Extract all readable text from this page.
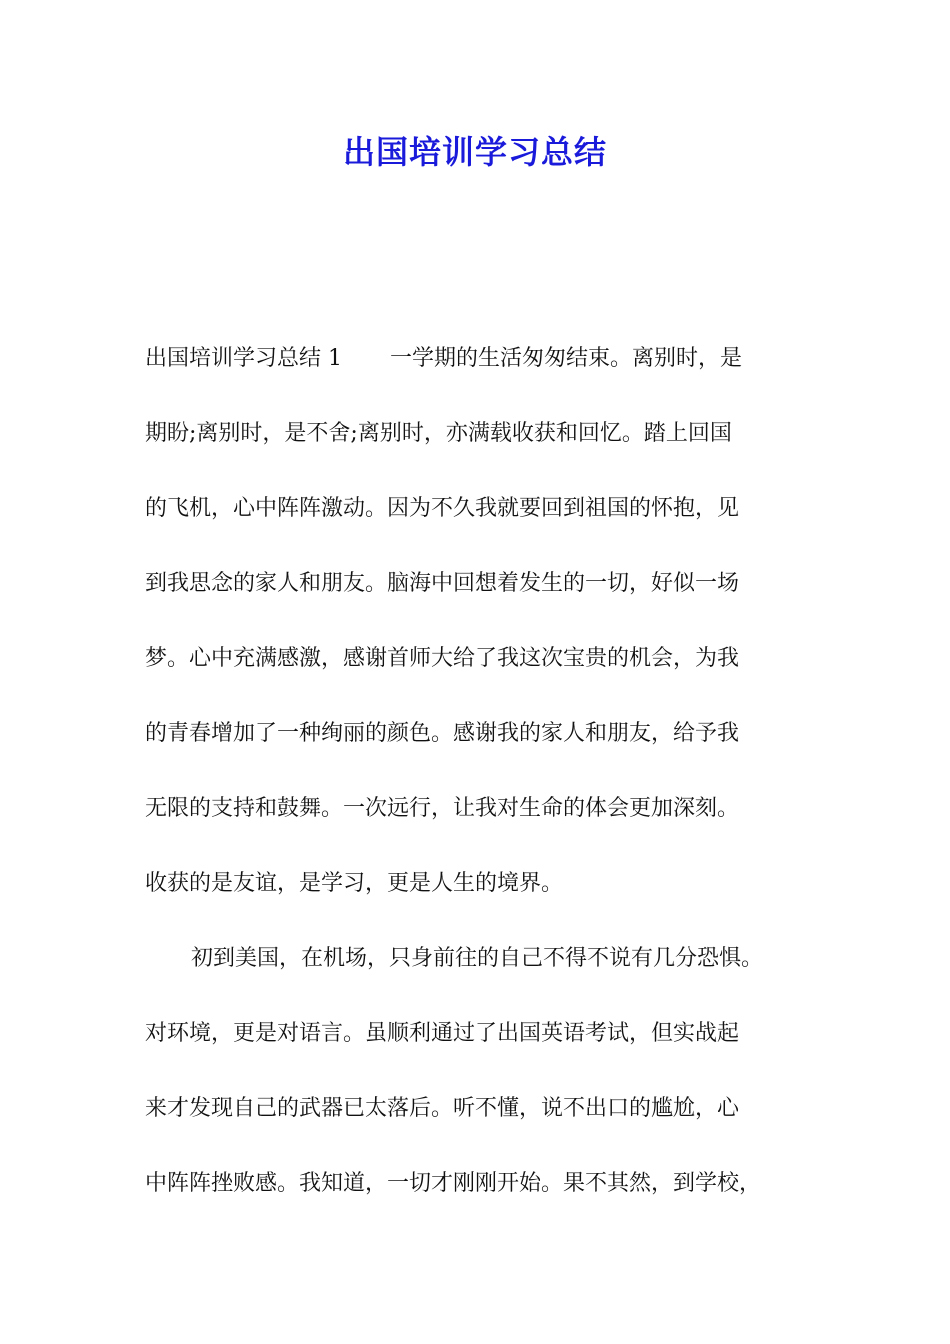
出国培训学习总结
出国培训学习总结 1 一学期的生活匆匆结束。离别时，是
期盼;离别时，是不舍;离别时，亦满载收获和回忆。踏上回国
的飞机，心中阵阵激动。因为不久我就要回到祖国的怀抱，见
到我思念的家人和朋友。脑海中回想着发生的一切，好似一场
梦。心中充满感激，感谢首师大给了我这次宝贵的机会，为我
的青春增加了一种绚丽的颜色。感谢我的家人和朋友，给予我
无限的支持和鼓舞。一次远行，让我对生命的体会更加深刻。
收获的是友谊，是学习，更是人生的境界。
初到美国，在机场，只身前往的自己不得不说有几分恐惧。
对环境，更是对语言。虽顺利通过了出国英语考试，但实战起
来才发现自己的武器已太落后。听不懂，说不出口的尴尬，心
中阵阵挫败感。我知道，一切才刚刚开始。果不其然，到学校，
